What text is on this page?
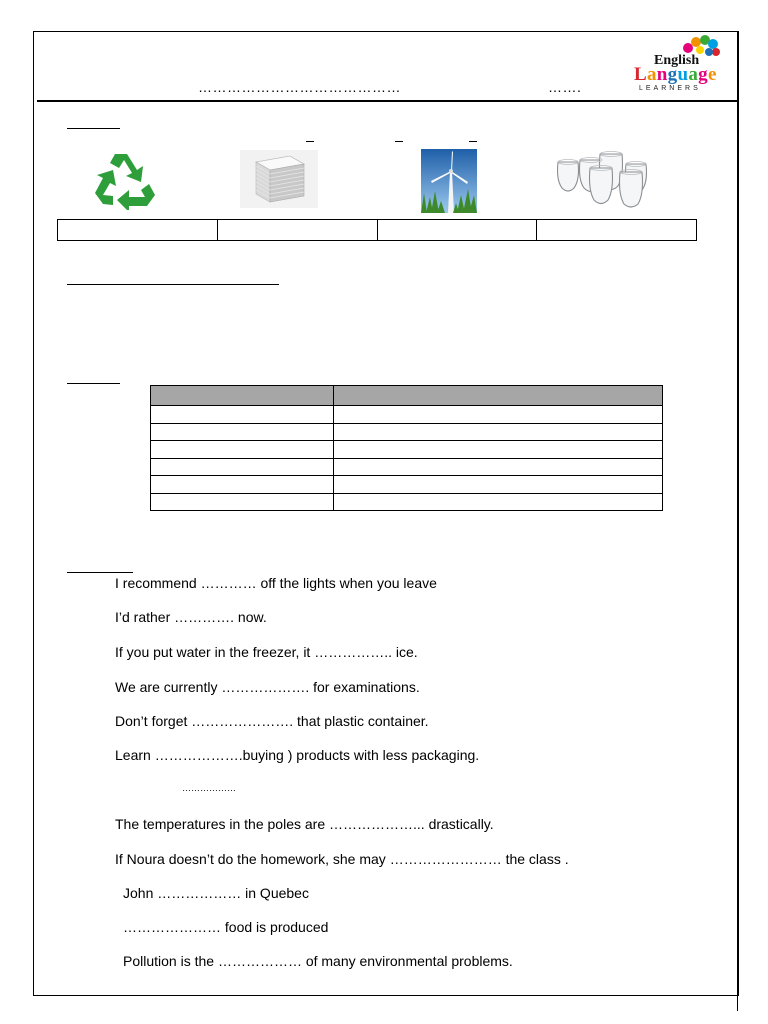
……………………………………	…….
English
Language
LEARNERS

I recommend ………… off the lights when you leave
I’d rather …………. now.
If you put water in the freezer, it …………….. ice.
We are currently ………………. for examinations.
Don’t forget …………………. that plastic container.
Learn ……………….buying ) products with less packaging.
………………
The temperatures in the poles are ………………... drastically.
If Noura doesn’t do the homework, she may …………………… the class .
John ……………… in Quebec
………………… food is produced
Pollution is the ……………… of many environmental problems.
